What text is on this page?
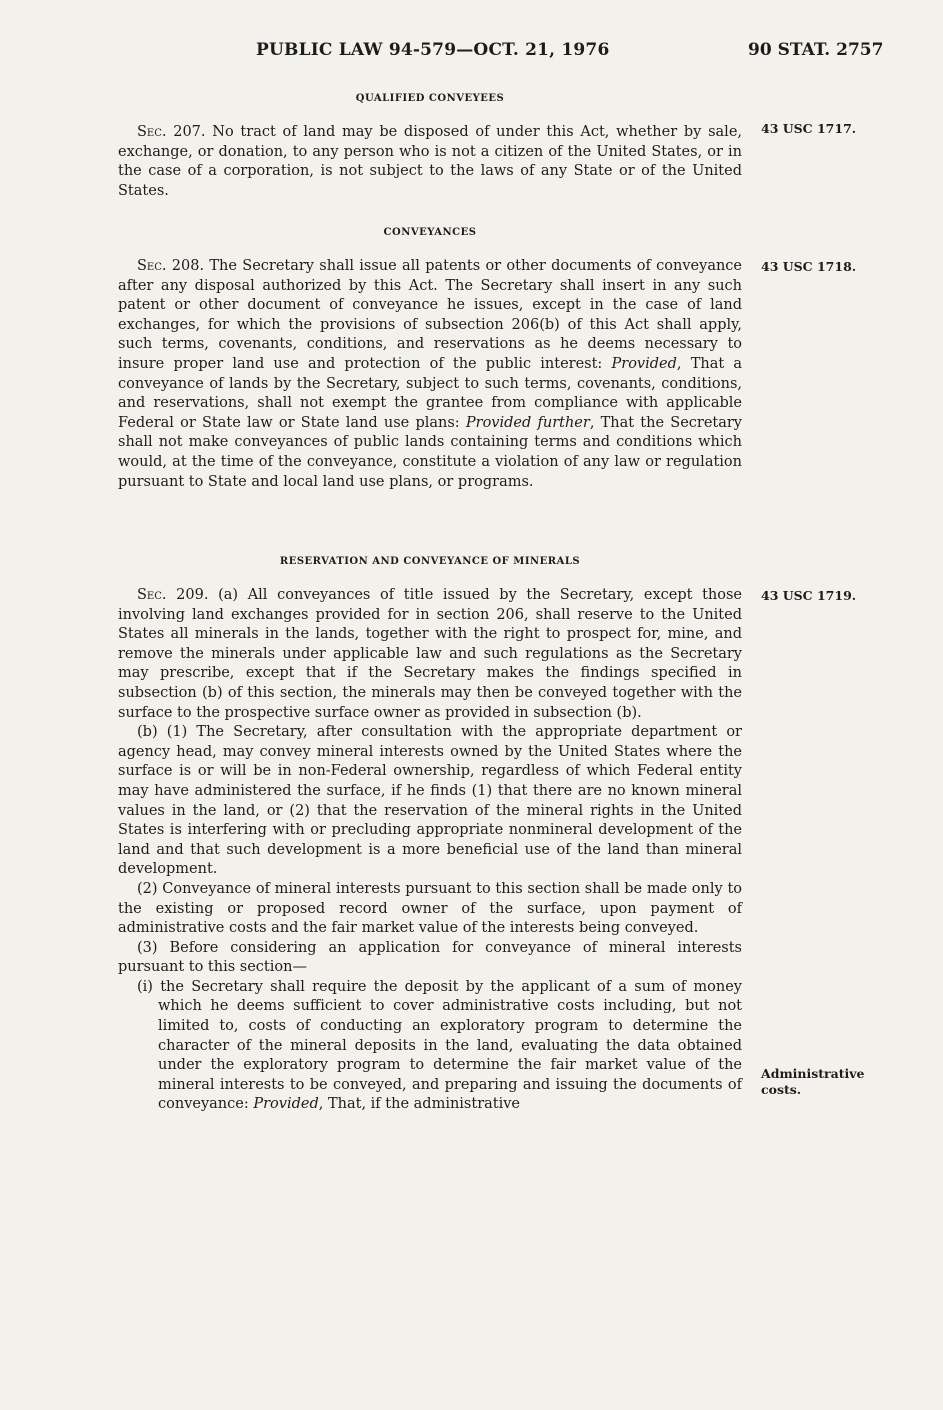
PUBLIC LAW 94-579—OCT. 21, 1976	90 STAT. 2757

QUALIFIED CONVEYEES

Sec. 207. No tract of land may be disposed of under this Act, whether by sale, exchange, or donation, to any person who is not a citizen of the United States, or in the case of a corporation, is not subject to the laws of any State or of the United States.

43 USC 1717.

CONVEYANCES

Sec. 208. The Secretary shall issue all patents or other documents of conveyance after any disposal authorized by this Act. The Secretary shall insert in any such patent or other document of conveyance he issues, except in the case of land exchanges, for which the provisions of subsection 206(b) of this Act shall apply, such terms, covenants, conditions, and reservations as he deems necessary to insure proper land use and protection of the public interest: Provided, That a conveyance of lands by the Secretary, subject to such terms, covenants, conditions, and reservations, shall not exempt the grantee from compliance with applicable Federal or State law or State land use plans: Provided further, That the Secretary shall not make conveyances of public lands containing terms and conditions which would, at the time of the conveyance, constitute a violation of any law or regulation pursuant to State and local land use plans, or programs.

43 USC 1718.

RESERVATION AND CONVEYANCE OF MINERALS

Sec. 209. (a) All conveyances of title issued by the Secretary, except those involving land exchanges provided for in section 206, shall reserve to the United States all minerals in the lands, together with the right to prospect for, mine, and remove the minerals under applicable law and such regulations as the Secretary may prescribe, except that if the Secretary makes the findings specified in subsection (b) of this section, the minerals may then be conveyed together with the surface to the prospective surface owner as provided in subsection (b).

(b) (1) The Secretary, after consultation with the appropriate department or agency head, may convey mineral interests owned by the United States where the surface is or will be in non-Federal ownership, regardless of which Federal entity may have administered the surface, if he finds (1) that there are no known mineral values in the land, or (2) that the reservation of the mineral rights in the United States is interfering with or precluding appropriate nonmineral development of the land and that such development is a more beneficial use of the land than mineral development.

(2) Conveyance of mineral interests pursuant to this section shall be made only to the existing or proposed record owner of the surface, upon payment of administrative costs and the fair market value of the interests being conveyed.

(3) Before considering an application for conveyance of mineral interests pursuant to this section—

(i) the Secretary shall require the deposit by the applicant of a sum of money which he deems sufficient to cover administrative costs including, but not limited to, costs of conducting an exploratory program to determine the character of the mineral deposits in the land, evaluating the data obtained under the exploratory program to determine the fair market value of the mineral interests to be conveyed, and preparing and issuing the documents of conveyance: Provided, That, if the administrative

43 USC 1719.
Administrative costs.
